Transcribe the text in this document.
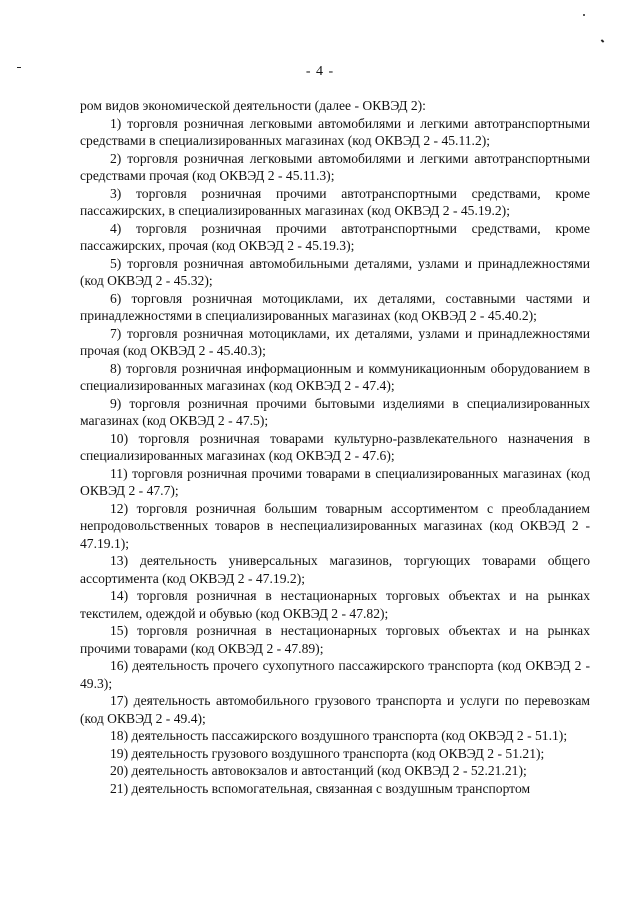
- 4 -

ром видов экономической деятельности (далее - ОКВЭД 2):

1) торговля розничная легковыми автомобилями и легкими автотранспортными средствами в специализированных магазинах (код ОКВЭД 2 - 45.11.2);

2) торговля розничная легковыми автомобилями и легкими автотранспортными средствами прочая (код ОКВЭД 2 - 45.11.3);

3) торговля розничная прочими автотранспортными средствами, кроме пассажирских, в специализированных магазинах (код ОКВЭД 2 - 45.19.2);

4) торговля розничная прочими автотранспортными средствами, кроме пассажирских, прочая (код ОКВЭД 2 - 45.19.3);

5) торговля розничная автомобильными деталями, узлами и принадлежностями (код ОКВЭД 2 - 45.32);

6) торговля розничная мотоциклами, их деталями, составными частями и принадлежностями в специализированных магазинах (код ОКВЭД 2 - 45.40.2);

7) торговля розничная мотоциклами, их деталями, узлами и принадлежностями прочая (код ОКВЭД 2 - 45.40.3);

8) торговля розничная информационным и коммуникационным оборудованием в специализированных магазинах (код ОКВЭД 2 - 47.4);

9) торговля розничная прочими бытовыми изделиями в специализированных магазинах (код ОКВЭД 2 - 47.5);

10) торговля розничная товарами культурно-развлекательного назначения в специализированных магазинах (код ОКВЭД 2 - 47.6);

11) торговля розничная прочими товарами в специализированных магазинах (код ОКВЭД 2 - 47.7);

12) торговля розничная большим товарным ассортиментом с преобладанием непродовольственных товаров в неспециализированных магазинах (код ОКВЭД 2 - 47.19.1);

13) деятельность универсальных магазинов, торгующих товарами общего ассортимента (код ОКВЭД 2 - 47.19.2);

14) торговля розничная в нестационарных торговых объектах и на рынках текстилем, одеждой и обувью (код ОКВЭД 2 - 47.82);

15) торговля розничная в нестационарных торговых объектах и на рынках прочими товарами (код ОКВЭД 2 - 47.89);

16) деятельность прочего сухопутного пассажирского транспорта (код ОКВЭД 2 - 49.3);

17) деятельность автомобильного грузового транспорта и услуги по перевозкам (код ОКВЭД 2 - 49.4);

18) деятельность пассажирского воздушного транспорта (код ОКВЭД 2 - 51.1);

19) деятельность грузового воздушного транспорта (код ОКВЭД 2 - 51.21);

20) деятельность автовокзалов и автостанций (код ОКВЭД 2 - 52.21.21);

21) деятельность вспомогательная, связанная с воздушным транспортом
